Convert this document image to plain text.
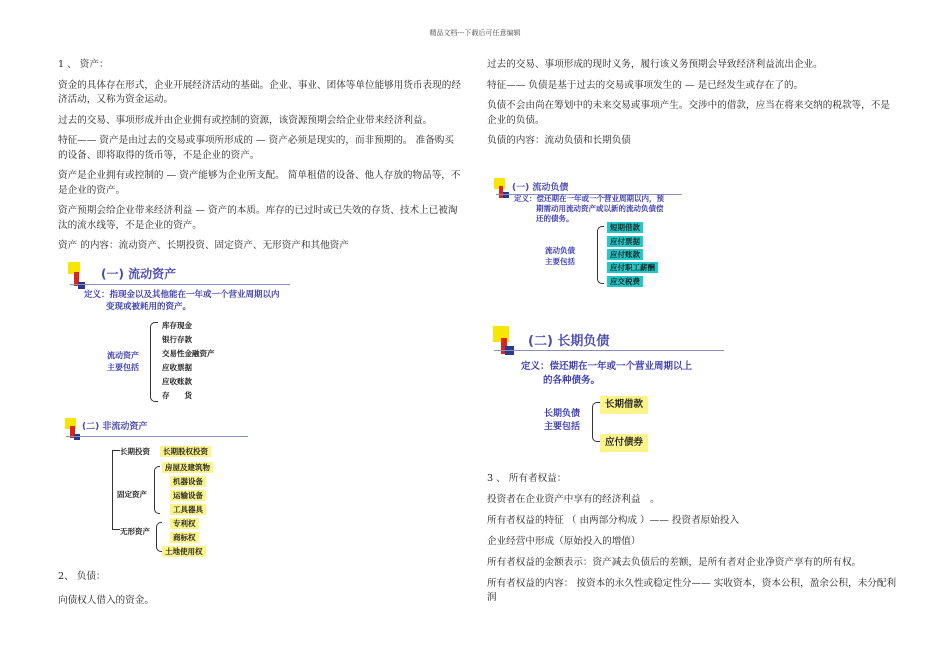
精品文档---下载后可任意编辑

1 、 资产：

资金的具体存在形式，企业开展经济活动的基础。企业、事业、团体等单位能够用货币表现的经济活动，又称为资金运动。

过去的交易、事项形成并由企业拥有或控制的资源，该资源预期会给企业带来经济利益。

特征—— 资产是由过去的交易或事项所形成的 — 资产必须是现实的，而非预期的。 准备购买的设备、即将取得的货币等，不是企业的资产。

资产是企业拥有或控制的 — 资产能够为企业所支配。 简单租借的设备、他人存放的物品等，不是企业的资产。

资产预期会给企业带来经济利益 — 资产的本质。库存的已过时或已失效的存货、技术上已被淘汰的流水线等，不是企业的资产。

资产 的内容：流动资产、长期投资、固定资产、无形资产和其他资产

(一) 流动资产
定义：指现金以及其他能在一年或一个营业周期以内
变现或被耗用的资产。
流动资产
主要包括
库存现金
银行存款
交易性金融资产
应收票据
应收账款
存　　货
(二) 非流动资产
长期投资	长期股权投资
固定资产
房屋及建筑物
机器设备
运输设备
工具器具
无形资产
专利权
商标权
土地使用权

2、 负债：

向债权人借入的资金。

过去的交易、事项形成的现时义务，履行该义务预期会导致经济利益流出企业。

特征—— 负债是基于过去的交易或事项发生的 — 是已经发生或存在了的。

负债不会由尚在筹划中的未来交易或事项产生。交涉中的借款，应当在将来交纳的税款等，不是企业的负债。

负债的内容：流动负债和长期负债

(一) 流动负债
定义：偿还期在一年或一个营业周期以内，预
期需动用流动资产或以新的流动负债偿
还的债务。
流动负债
主要包括
短期借款
应付票据
应付账款
应付职工薪酬
应交税费
(二) 长期负债
定义：偿还期在一年或一个营业周期以上
的各种债务。
长期负债
主要包括
长期借款
应付债券

3 、 所有者权益：

投资者在企业资产中享有的经济利益　。

所有者权益的特征 （ 由两部分构成 ）—— 投资者原始投入

企业经营中形成（原始投入的增值）

所有者权益的金额表示：资产减去负债后的差额，是所有者对企业净资产享有的所有权。

所有者权益的内容： 按资本的永久性或稳定性分—— 实收资本，资本公积，盈余公积，未分配利润
